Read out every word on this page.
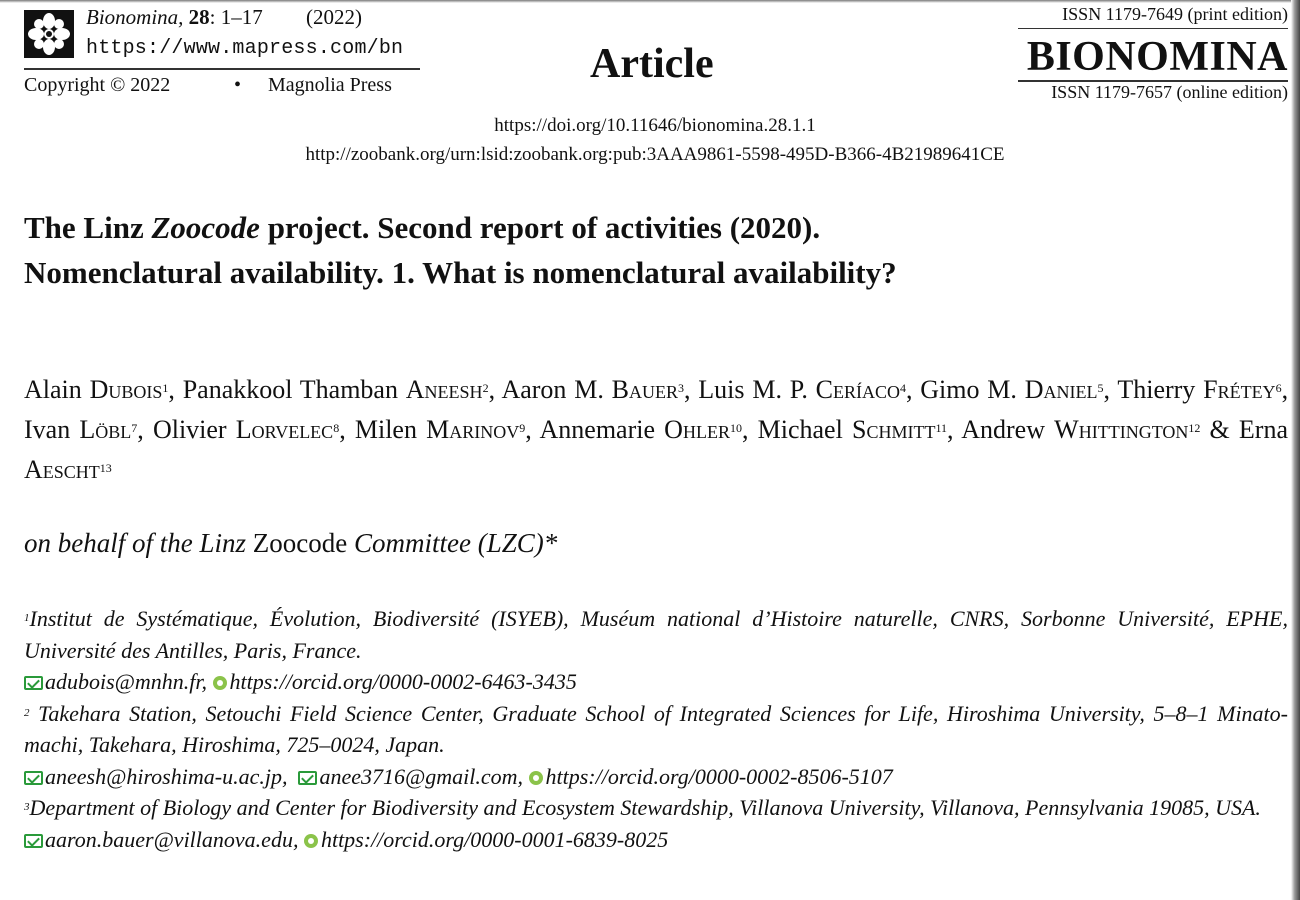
Bionomina, 28: 1–17 (2022)
https://www.mapress.com/bn
Copyright © 2022	• Magnolia Press	Article
ISSN 1179-7649 (print edition)
BIONOMINA
ISSN 1179-7657 (online edition)
https://doi.org/10.11646/bionomina.28.1.1
http://zoobank.org/urn:lsid:zoobank.org:pub:3AAA9861-5598-495D-B366-4B21989641CE
The Linz Zoocode project. Second report of activities (2020).
Nomenclatural availability. 1. What is nomenclatural availability?
Alain Dubois$^1$, Panakkool Thamban Aneesh$^2$, Aaron M. Bauer$^3$, Luis M. P. Ceríaco$^4$, Gimo M. Daniel$^5$, Thierry Frétey$^6$, Ivan Löbl$^7$, Olivier Lorvelec$^8$, Milen Marinov$^9$, Annemarie Ohler$^{10}$, Michael Schmitt$^{11}$, Andrew Whittington$^{12}$ & Erna Aescht$^{13}$
on behalf of the Linz Zoocode Committee (LZC)*

$^1$Institut de Systématique, Évolution, Biodiversité (ISYEB), Muséum national d’Histoire naturelle, CNRS, Sorbonne Université, EPHE, Université des Antilles, Paris, France.

adubois@mnhn.fr, https://orcid.org/0000-0002-6463-3435

$^2$ Takehara Station, Setouchi Field Science Center, Graduate School of Integrated Sciences for Life, Hiroshima University, 5–8–1 Minato-machi, Takehara, Hiroshima, 725–0024, Japan.

aneesh@hiroshima-u.ac.jp, anee3716@gmail.com, https://orcid.org/0000-0002-8506-5107

$^3$Department of Biology and Center for Biodiversity and Ecosystem Stewardship, Villanova University, Villanova, Pennsylvania 19085, USA.

aaron.bauer@villanova.edu, https://orcid.org/0000-0001-6839-8025
